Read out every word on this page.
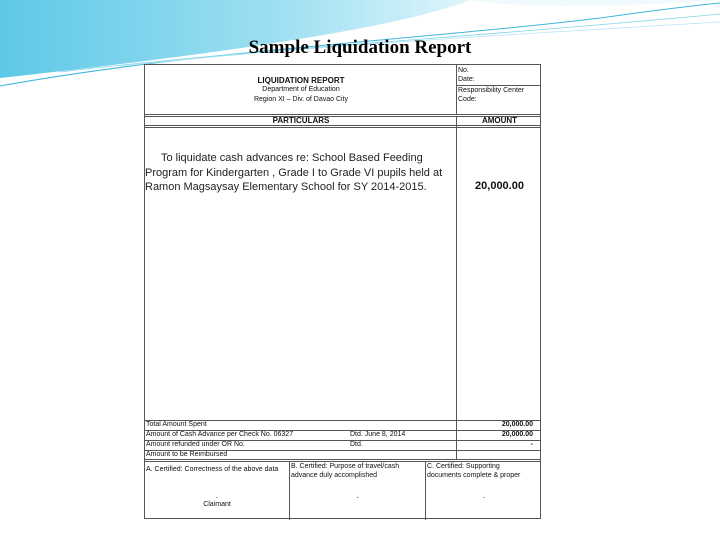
Sample Liquidation Report
LIQUIDATION REPORT
Department of Education
Region XI – Div. of Davao City
No.
Date:
Responsibility Center
Code:
PARTICULARS	AMOUNT
To liquidate cash advances re: School Based Feeding
Program for Kindergarten , Grade I to Grade VI pupils held at
Ramon Magsaysay Elementary School for SY 2014-2015.	20,000.00
Total Amount Spent	20,000.00
Amount of Cash Advance per Check No. 06327	Dtd. June 8, 2014	20,000.00
Amount refunded under OR No.	Dtd.	-
Amount to be Reimbursed
A. Certified: Correctness of the above data
-
Claimant
B. Certified: Purpose of travel/cash
advance duly accomplished
-
C. Certified: Supporting
documents complete & proper
-
